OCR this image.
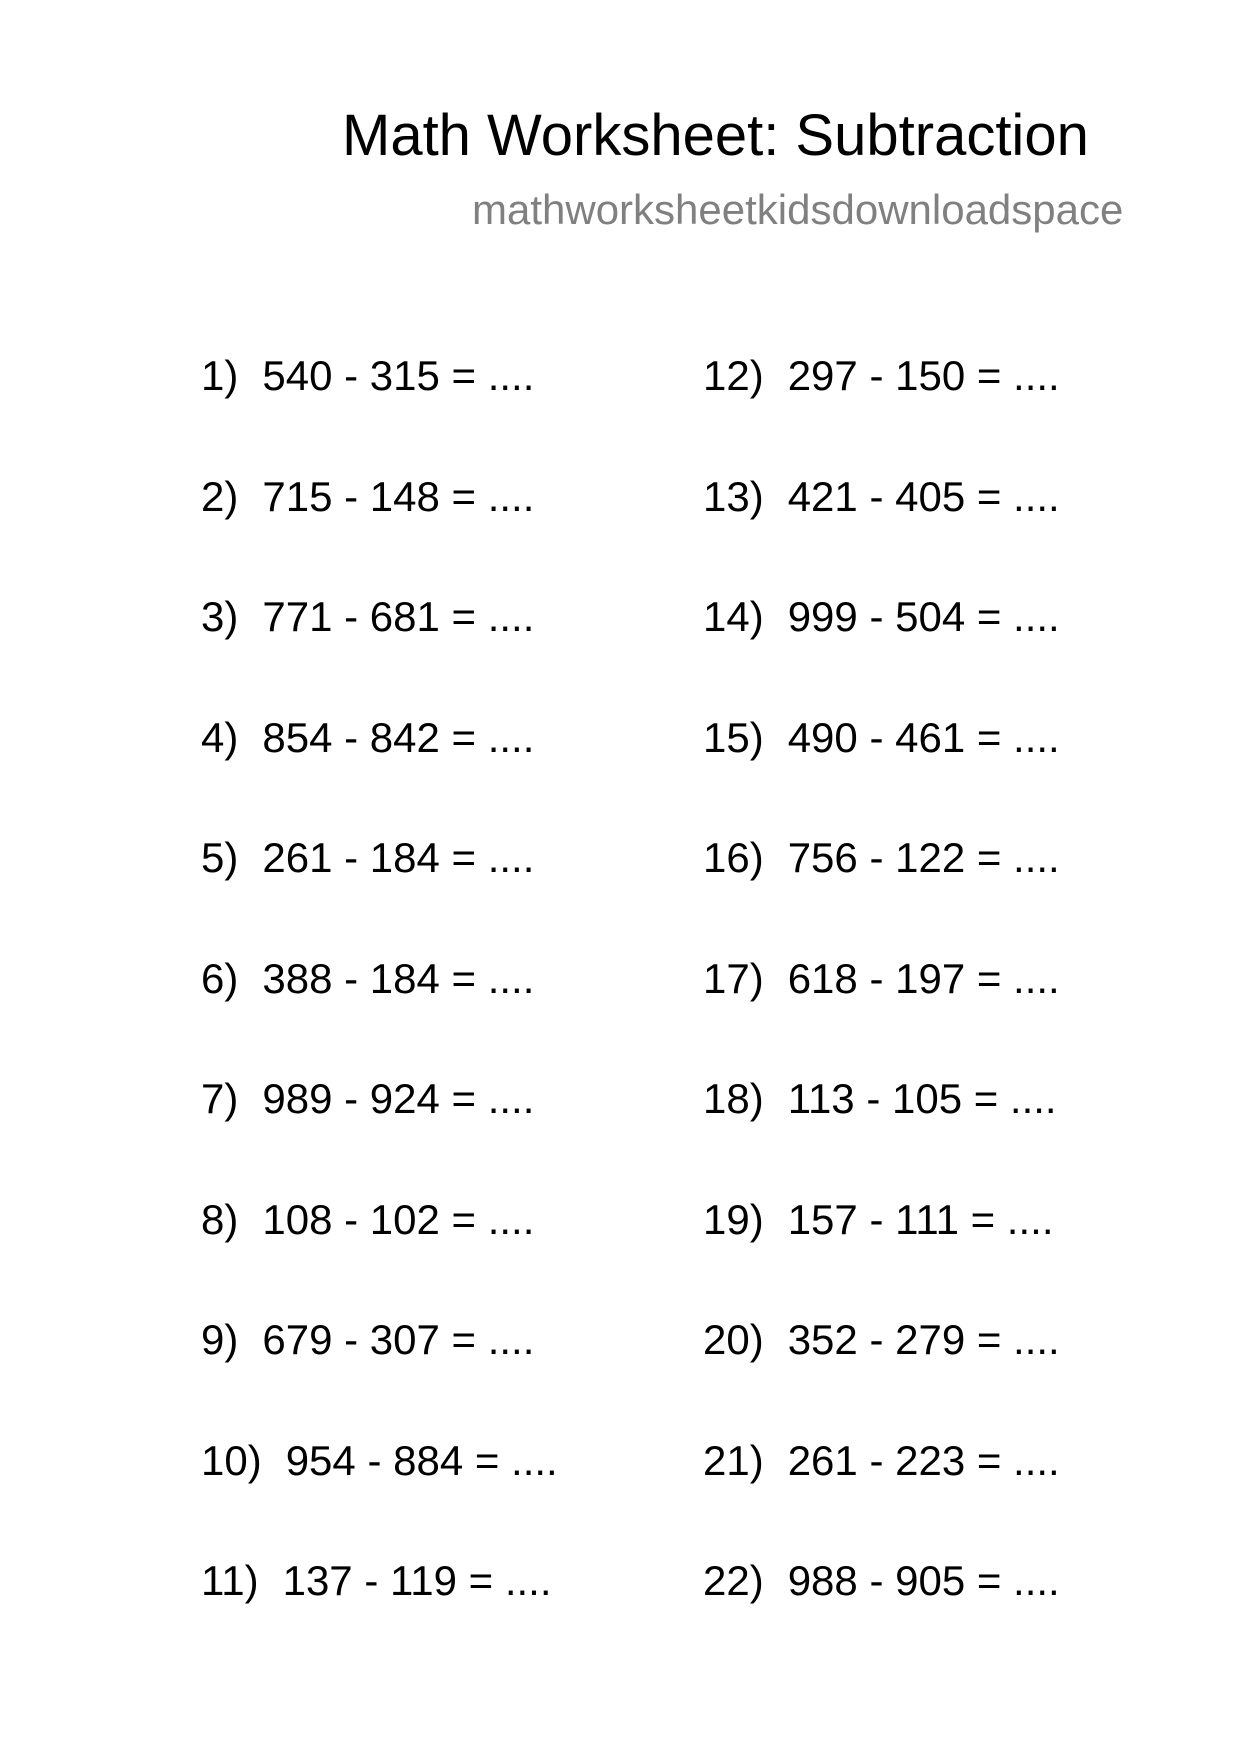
Math Worksheet: Subtraction
mathworksheetkidsdownloadspace
1) 540 - 315 = ....
2) 715 - 148 = ....
3) 771 - 681 = ....
4) 854 - 842 = ....
5) 261 - 184 = ....
6) 388 - 184 = ....
7) 989 - 924 = ....
8) 108 - 102 = ....
9) 679 - 307 = ....
10) 954 - 884 = ....
11) 137 - 119 = ....
12) 297 - 150 = ....
13) 421 - 405 = ....
14) 999 - 504 = ....
15) 490 - 461 = ....
16) 756 - 122 = ....
17) 618 - 197 = ....
18) 113 - 105 = ....
19) 157 - 111 = ....
20) 352 - 279 = ....
21) 261 - 223 = ....
22) 988 - 905 = ....
